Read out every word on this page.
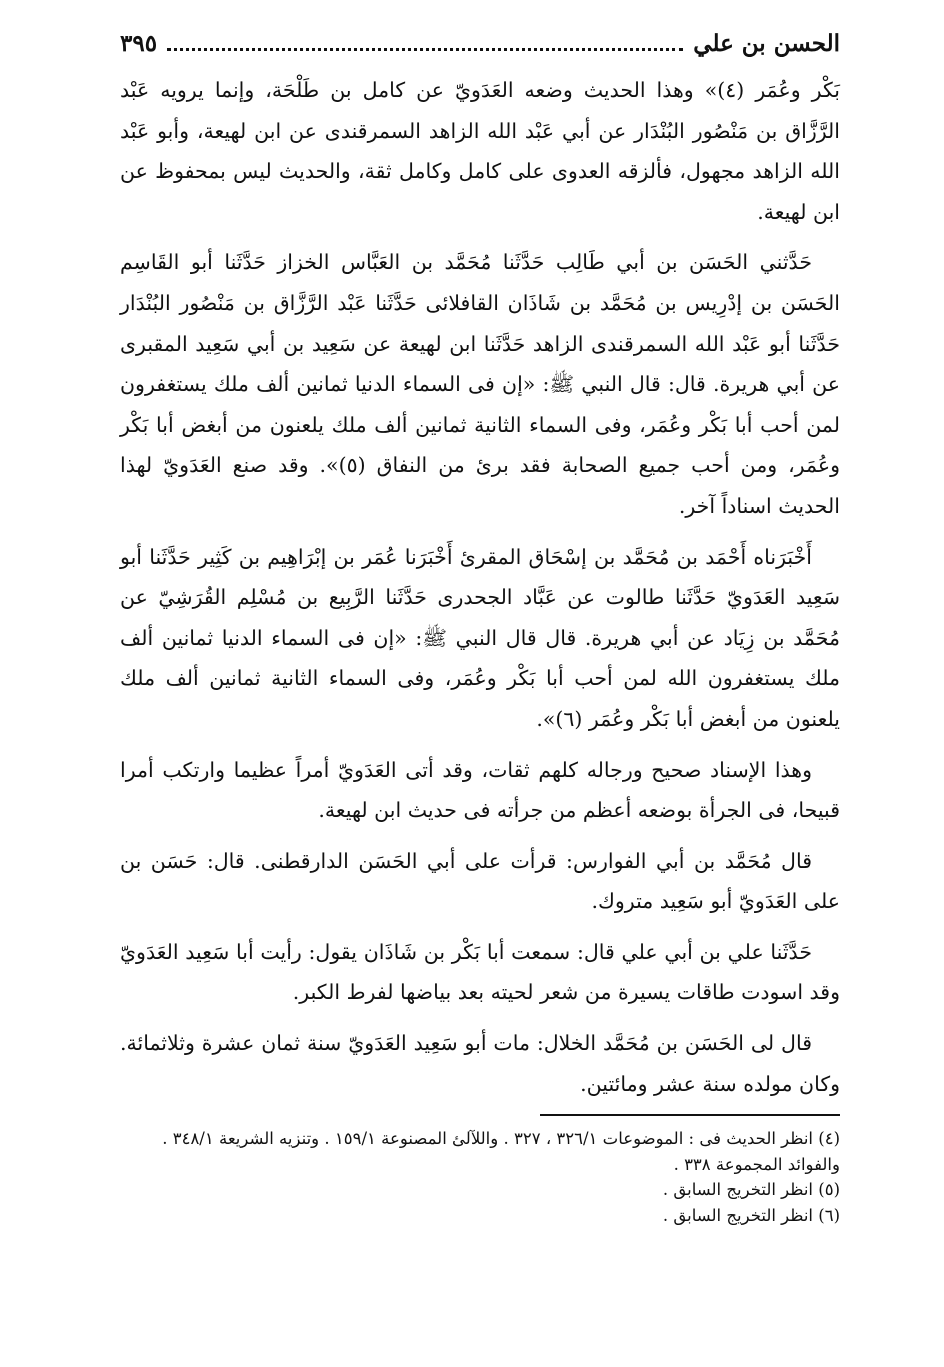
الحسن بن علي
٣٩٥

بَكْر وعُمَر (٤)» وهذا الحديث وضعه العَدَويّ عن كامل بن طَلْحَة، وإنما يرويه عَبْد الرَّزَّاق بن مَنْصُور البُنْدَار عن أبي عَبْد الله الزاهد السمرقندى عن ابن لهيعة، وأبو عَبْد الله الزاهد مجهول، فألزقه العدوى على كامل وكامل ثقة، والحديث ليس بمحفوظ عن ابن لهيعة.

حَدَّثني الحَسَن بن أبي طَالِب حَدَّثَنا مُحَمَّد بن العَبَّاس الخزاز حَدَّثَنا أبو القَاسِم الحَسَن بن إدْرِيس بن مُحَمَّد بن شَاذَان القافلائى حَدَّثَنا عَبْد الرَّزَّاق بن مَنْصُور البُنْدَار حَدَّثَنا أبو عَبْد الله السمرقندى الزاهد حَدَّثَنا ابن لهيعة عن سَعِيد بن أبي سَعِيد المقبرى عن أبي هريرة. قال: قال النبي ﷺ: «إن فى السماء الدنيا ثمانين ألف ملك يستغفرون لمن أحب أبا بَكْر وعُمَر، وفى السماء الثانية ثمانين ألف ملك يلعنون من أبغض أبا بَكْر وعُمَر، ومن أحب جميع الصحابة فقد برئ من النفاق (٥)». وقد صنع العَدَويّ لهذا الحديث اسناداً آخر.

أَخْبَرَناه أَحْمَد بن مُحَمَّد بن إسْحَاق المقرئ أَخْبَرَنا عُمَر بن إبْرَاهِيم بن كَثِير حَدَّثَنا أبو سَعِيد العَدَويّ حَدَّثَنا طالوت عن عَبَّاد الجحدرى حَدَّثَنا الرَّبِيع بن مُسْلِم القُرَشِيّ عن مُحَمَّد بن زِيَاد عن أبي هريرة. قال قال النبي ﷺ: «إن فى السماء الدنيا ثمانين ألف ملك يستغفرون الله لمن أحب أبا بَكْر وعُمَر، وفى السماء الثانية ثمانين ألف ملك يلعنون من أبغض أبا بَكْر وعُمَر (٦)».

وهذا الإسناد صحيح ورجاله كلهم ثقات، وقد أتى العَدَويّ أمراً عظيما وارتكب أمرا قبيحا، فى الجرأة بوضعه أعظم من جرأته فى حديث ابن لهيعة.

قال مُحَمَّد بن أبي الفوارس: قرأت على أبي الحَسَن الدارقطنى. قال: حَسَن بن على العَدَويّ أبو سَعِيد متروك.

حَدَّثَنا علي بن أبي علي قال: سمعت أبا بَكْر بن شَاذَان يقول: رأيت أبا سَعِيد العَدَويّ وقد اسودت طاقات يسيرة من شعر لحيته بعد بياضها لفرط الكبر.

قال لى الحَسَن بن مُحَمَّد الخلال: مات أبو سَعِيد العَدَويّ سنة ثمان عشرة وثلاثمائة. وكان مولده سنة عشر ومائتين.

(٤) انظر الحديث فى : الموضوعات ٣٢٦/١ ، ٣٢٧ . واللآلئ المصنوعة ١٥٩/١ . وتنزيه الشريعة ٣٤٨/١ . والفوائد المجموعة ٣٣٨ .
(٥) انظر التخريج السابق .
(٦) انظر التخريج السابق .
